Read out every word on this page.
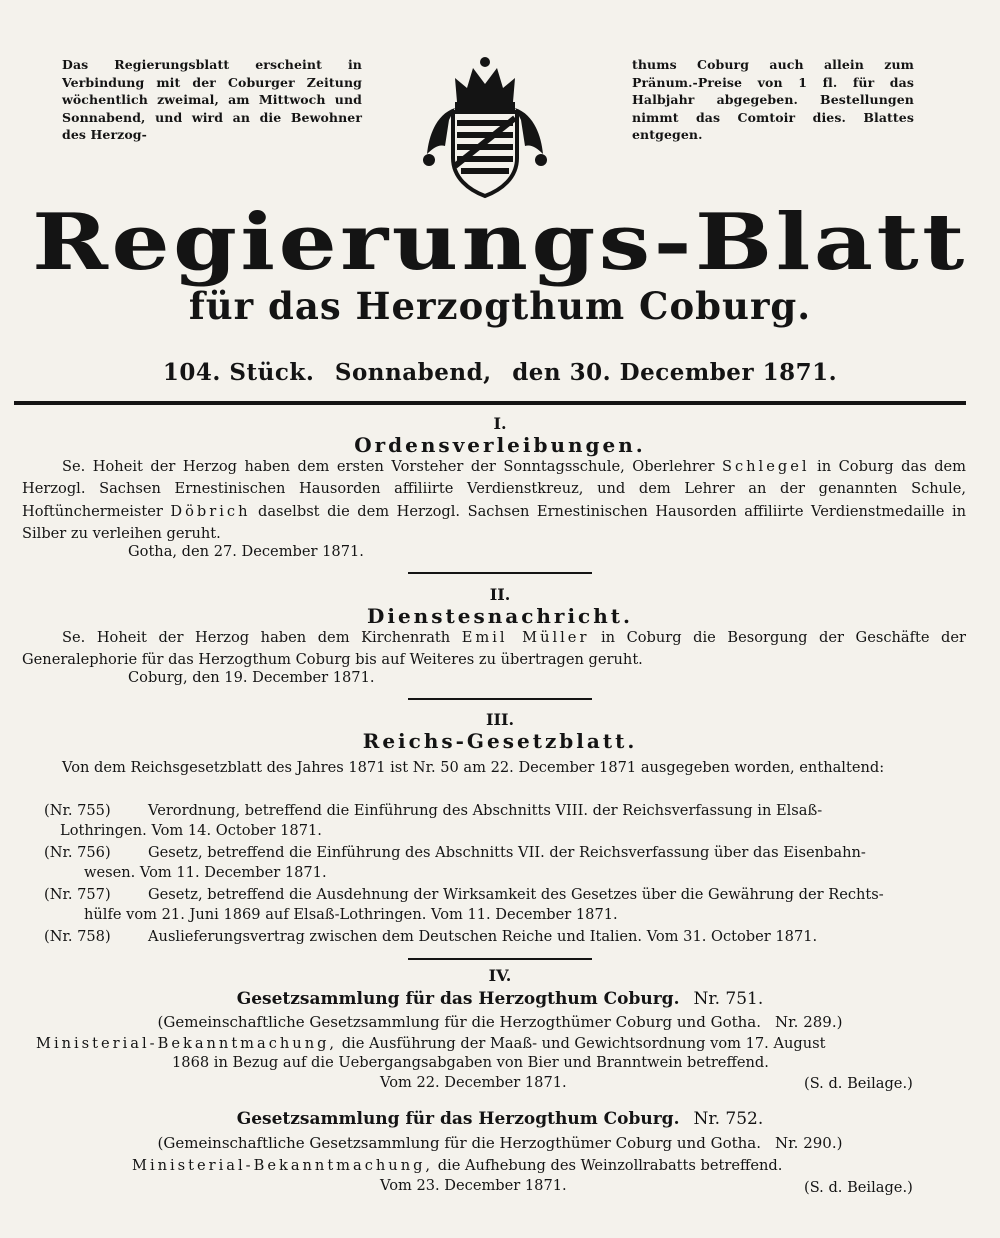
Das Regierungsblatt erscheint in Verbindung mit der Coburger Zeitung wöchentlich zweimal, am Mittwoch und Sonnabend, und wird an die Bewohner des Herzog-
thums Coburg auch allein zum Pränum.-Preise von 1 fl. für das Halbjahr abgegeben. Bestellungen nimmt das Comtoir dies. Blattes entgegen.
Regierungs-Blatt
für das Herzogthum Coburg.
104. Stück. Sonnabend, den 30. December 1871.
I.
Ordensverleibungen.
Se. Hoheit der Herzog haben dem ersten Vorsteher der Sonntagsschule, Oberlehrer Schlegel in Coburg das dem Herzogl. Sachsen Ernestinischen Hausorden affiliirte Verdienstkreuz, und dem Lehrer an der genannten Schule, Hoftünchermeister Döbrich daselbst die dem Herzogl. Sachsen Ernestinischen Hausorden affiliirte Verdienstmedaille in Silber zu verleihen geruht.
Gotha, den 27. December 1871.
II.
Dienstesnachricht.
Se. Hoheit der Herzog haben dem Kirchenrath Emil Müller in Coburg die Besorgung der Geschäfte der Generalephorie für das Herzogthum Coburg bis auf Weiteres zu übertragen geruht.
Coburg, den 19. December 1871.
III.
Reichs-Gesetzblatt.
Von dem Reichsgesetzblatt des Jahres 1871 ist Nr. 50 am 22. December 1871 ausgegeben worden, enthaltend:
(Nr. 755)	Verordnung, betreffend die Einführung des Abschnitts VIII. der Reichsverfassung in Elsaß-
Lothringen. Vom 14. October 1871.
(Nr. 756)	Gesetz, betreffend die Einführung des Abschnitts VII. der Reichsverfassung über das Eisenbahn-
wesen. Vom 11. December 1871.
(Nr. 757)	Gesetz, betreffend die Ausdehnung der Wirksamkeit des Gesetzes über die Gewährung der Rechts-
hülfe vom 21. Juni 1869 auf Elsaß-Lothringen. Vom 11. December 1871.
(Nr. 758)	Auslieferungsvertrag zwischen dem Deutschen Reiche und Italien. Vom 31. October 1871.
IV.
Gesetzsammlung für das Herzogthum Coburg. Nr. 751.
(Gemeinschaftliche Gesetzsammlung für die Herzogthümer Coburg und Gotha. Nr. 289.)
Ministerial-Bekanntmachung, die Ausführung der Maaß- und Gewichtsordnung vom 17. August
1868 in Bezug auf die Uebergangsabgaben von Bier und Branntwein betreffend.
Vom 22. December 1871.	(S. d. Beilage.)
Gesetzsammlung für das Herzogthum Coburg. Nr. 752.
(Gemeinschaftliche Gesetzsammlung für die Herzogthümer Coburg und Gotha. Nr. 290.)
Ministerial-Bekanntmachung, die Aufhebung des Weinzollrabatts betreffend.
Vom 23. December 1871.	(S. d. Beilage.)
